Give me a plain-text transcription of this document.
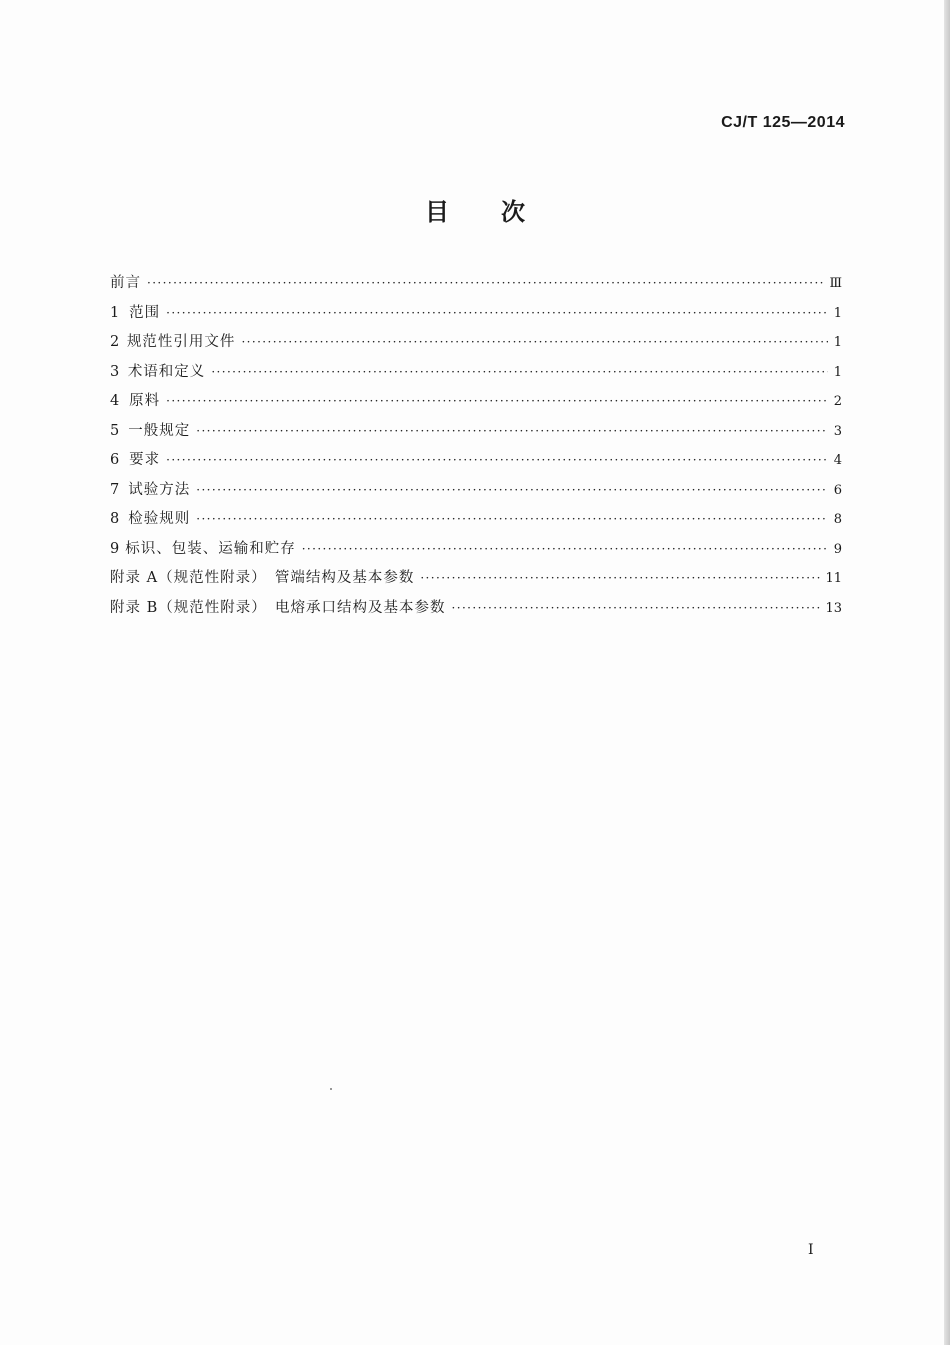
CJ/T 125—2014
目次
前言 ·····	Ⅲ
1 范围 ·····	1
2 规范性引用文件 ·····	1
3 术语和定义 ·····	1
4 原料 ·····	2
5 一般规定 ·····	3
6 要求 ·····	4
7 试验方法 ·····	6
8 检验规则 ·····	8
9 标识、包装、运输和贮存 ·····	9
附录 A（规范性附录）　管端结构及基本参数 ·····	11
附录 B（规范性附录）　电熔承口结构及基本参数 ·····	13
I
